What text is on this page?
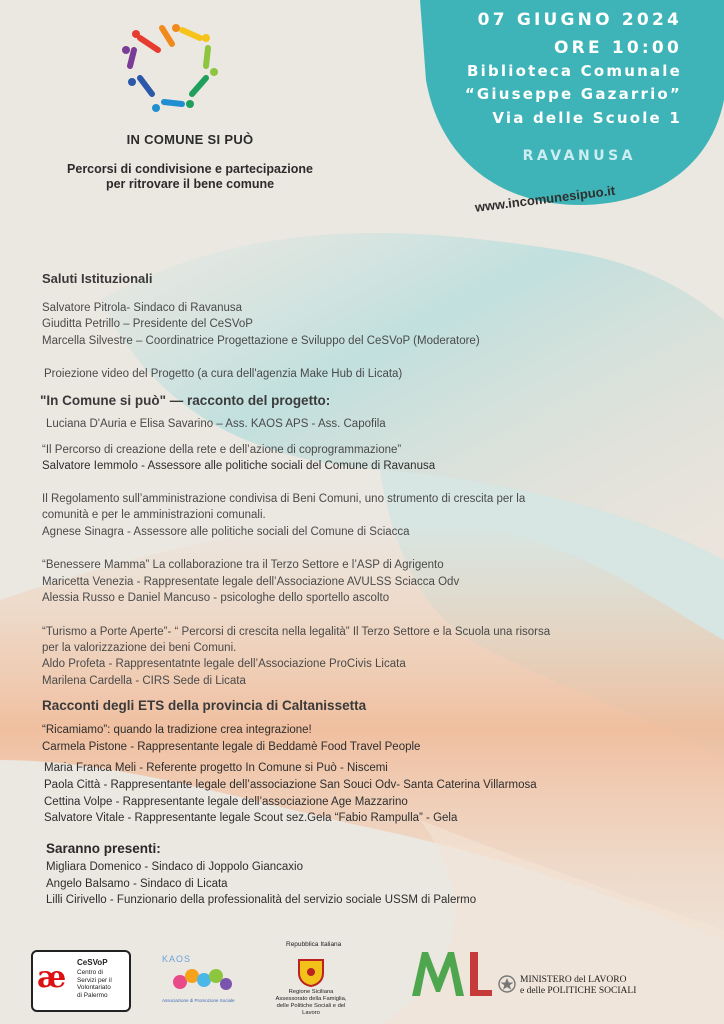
IN COMUNE SI PUÒ
Percorsi di condivisione e partecipazione
per ritrovare il bene comune
07 GIUGNO 2024
ORE 10:00
Biblioteca Comunale
“Giuseppe Gazarrio”
Via delle Scuole 1
RAVANUSA
www.incomunesipuo.it
Saluti Istituzionali
Salvatore Pitrola- Sindaco di Ravanusa
Giuditta Petrillo – Presidente del CeSVoP
Marcella Silvestre – Coordinatrice Progettazione e Sviluppo del CeSVoP (Moderatore)
Proiezione video del Progetto (a cura dell'agenzia Make Hub di Licata)
"In Comune si può" — racconto del progetto:
Luciana D'Auria e Elisa Savarino – Ass. KAOS APS - Ass. Capofila
“Il Percorso di creazione della rete e dell’azione di coprogrammazione”
Salvatore Iemmolo - Assessore alle politiche sociali del Comune di Ravanusa
Il Regolamento sull’amministrazione condivisa di Beni Comuni, uno strumento di crescita per la
comunità e per le amministrazioni comunali.
Agnese Sinagra - Assessore alle politiche sociali del Comune di Sciacca
“Benessere Mamma” La collaborazione tra il Terzo Settore e l’ASP di Agrigento
Maricetta Venezia - Rappresentate legale dell’Associazione AVULSS Sciacca Odv
Alessia Russo e Daniel Mancuso - psicologhe dello sportello ascolto
“Turismo a Porte Aperte”- “ Percorsi di crescita nella legalità” Il Terzo Settore e la Scuola una risorsa
per la valorizzazione dei beni Comuni.
Aldo Profeta - Rappresentatnte legale dell’Associazione ProCivis Licata
Marilena Cardella - CIRS Sede di Licata
Racconti degli ETS della provincia di Caltanissetta
“Ricamiamo”: quando la tradizione crea integrazione!
Carmela Pistone - Rappresentante legale di Beddamè Food Travel People
Maria Franca Meli - Referente progetto In Comune si Può - Niscemi
Paola Città - Rappresentante legale dell’associazione San Souci Odv- Santa Caterina Villarmosa
Cettina Volpe - Rappresentante legale dell’associazione Age Mazzarino
Salvatore Vitale - Rappresentante legale Scout sez.Gela “Fabio Rampulla” - Gela
Saranno presenti:
Migliara Domenico - Sindaco di Joppolo Giancaxio
Angelo Balsamo - Sindaco di Licata
Lilli Cirivello - Funzionario della professionalità del servizio sociale USSM di Palermo
æ CeSVoP
Centro di
Servizi per il
Volontariato
di Palermo
KAOS
Associazione di Promozione Sociale
Repubblica Italiana
Regione Siciliana
Assessorato della Famiglia,
delle Politiche Sociali e del
Lavoro
MINISTERO del LAVORO
e delle POLITICHE SOCIALI
